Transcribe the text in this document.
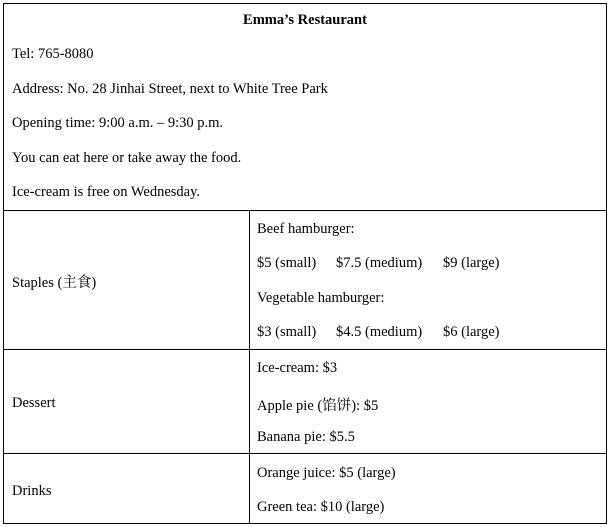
Emma’s Restaurant
Tel: 765-8080
Address: No. 28 Jinhai Street, next to White Tree Park
Opening time: 9:00 a.m. – 9:30 p.m.
You can eat here or take away the food.
Ice-cream is free on Wednesday.
Staples (主食)
Beef hamburger:
$5 (small) $7.5 (medium) $9 (large)
Vegetable hamburger:
$3 (small) $4.5 (medium) $6 (large)
Dessert
Ice-cream: $3
Apple pie (馅饼): $5
Banana pie: $5.5
Drinks
Orange juice: $5 (large)
Green tea: $10 (large)
